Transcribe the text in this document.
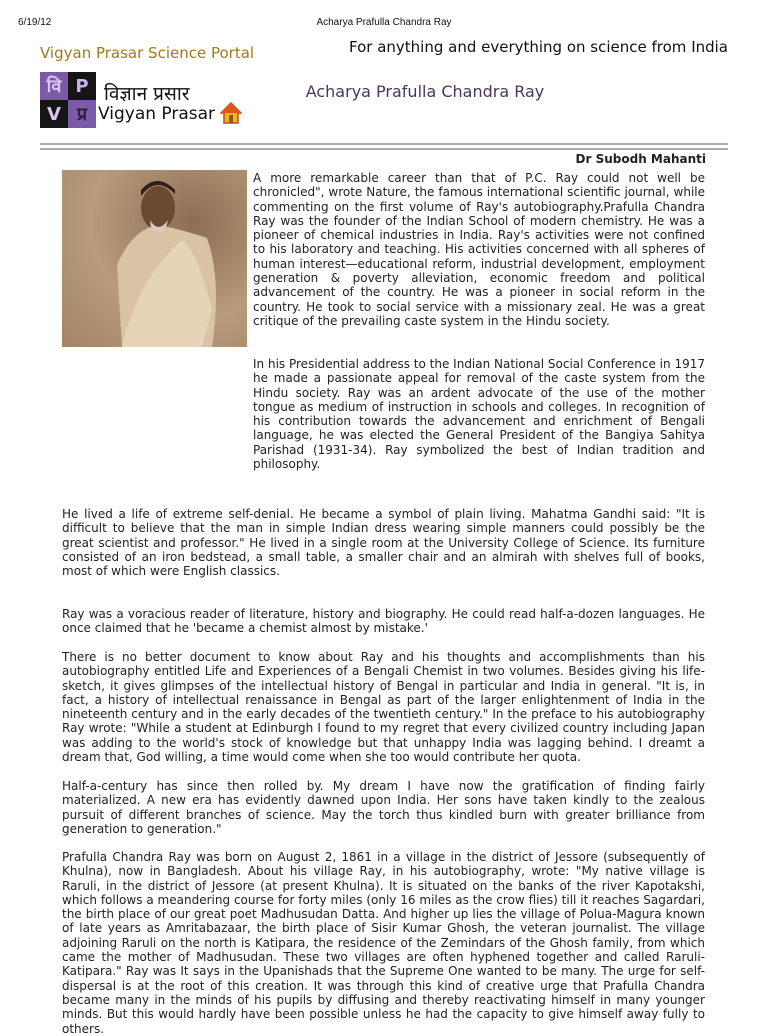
6/19/12	Acharya Prafulla Chandra Ray
Vigyan Prasar Science Portal	For anything and everything on science from India
वि P
V प्र
विज्ञान प्रसार
Vigyan Prasar
Acharya Prafulla Chandra Ray
Dr Subodh Mahanti

A more remarkable career than that of P.C. Ray could not well be chronicled", wrote Nature, the famous international scientific journal, while commenting on the first volume of Ray's autobiography.Prafulla Chandra Ray was the founder of the Indian School of modern chemistry. He was a pioneer of chemical industries in India. Ray's activities were not confined to his laboratory and teaching. His activities concerned with all spheres of human interest—educational reform, industrial development, employment generation & poverty alleviation, economic freedom and political advancement of the country. He was a pioneer in social reform in the country. He took to social service with a missionary zeal. He was a great critique of the prevailing caste system in the Hindu society.

In his Presidential address to the Indian National Social Conference in 1917 he made a passionate appeal for removal of the caste system from the Hindu society. Ray was an ardent advocate of the use of the mother tongue as medium of instruction in schools and colleges. In recognition of his contribution towards the advancement and enrichment of Bengali language, he was elected the General President of the Bangiya Sahitya Parishad (1931-34). Ray symbolized the best of Indian tradition and philosophy.

He lived a life of extreme self-denial. He became a symbol of plain living. Mahatma Gandhi said: "It is difficult to believe that the man in simple Indian dress wearing simple manners could possibly be the great scientist and professor." He lived in a single room at the University College of Science. Its furniture consisted of an iron bedstead, a small table, a smaller chair and an almirah with shelves full of books, most of which were English classics.

Ray was a voracious reader of literature, history and biography. He could read half-a-dozen languages. He once claimed that he 'became a chemist almost by mistake.'

There is no better document to know about Ray and his thoughts and accomplishments than his autobiography entitled Life and Experiences of a Bengali Chemist in two volumes. Besides giving his life-sketch, it gives glimpses of the intellectual history of Bengal in particular and India in general. "It is, in fact, a history of intellectual renaissance in Bengal as part of the larger enlightenment of India in the nineteenth century and in the early decades of the twentieth century." In the preface to his autobiography Ray wrote: "While a student at Edinburgh I found to my regret that every civilized country including Japan was adding to the world's stock of knowledge but that unhappy India was lagging behind. I dreamt a dream that, God willing, a time would come when she too would contribute her quota.

Half-a-century has since then rolled by. My dream I have now the gratification of finding fairly materialized. A new era has evidently dawned upon India. Her sons have taken kindly to the zealous pursuit of different branches of science. May the torch thus kindled burn with greater brilliance from generation to generation."

Prafulla Chandra Ray was born on August 2, 1861 in a village in the district of Jessore (subsequently of Khulna), now in Bangladesh. About his village Ray, in his autobiography, wrote: "My native village is Raruli, in the district of Jessore (at present Khulna). It is situated on the banks of the river Kapotakshi, which follows a meandering course for forty miles (only 16 miles as the crow flies) till it reaches Sagardari, the birth place of our great poet Madhusudan Datta. And higher up lies the village of Polua-Magura known of late years as Amritabazaar, the birth place of Sisir Kumar Ghosh, the veteran journalist. The village adjoining Raruli on the north is Katipara, the residence of the Zemindars of the Ghosh family, from which came the mother of Madhusudan. These two villages are often hyphened together and called Raruli-Katipara." Ray was It says in the Upanishads that the Supreme One wanted to be many. The urge for self-dispersal is at the root of this creation. It was through this kind of creative urge that Prafulla Chandra became many in the minds of his pupils by diffusing and thereby reactivating himself in many younger minds. But this would hardly have been possible unless he had the capacity to give himself away fully to others.
